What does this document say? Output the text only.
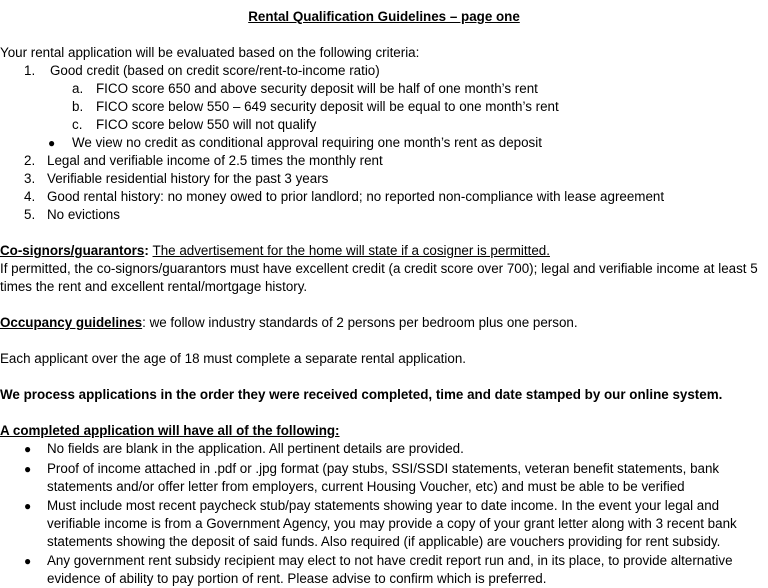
Rental Qualification Guidelines – page one
Your rental application will be evaluated based on the following criteria:
1. Good credit (based on credit score/rent-to-income ratio)
a. FICO score 650 and above security deposit will be half of one month’s rent
b. FICO score below 550 – 649 security deposit will be equal to one month’s rent
c. FICO score below 550 will not qualify
● We view no credit as conditional approval requiring one month’s rent as deposit
2. Legal and verifiable income of 2.5 times the monthly rent
3. Verifiable residential history for the past 3 years
4. Good rental history: no money owed to prior landlord; no reported non-compliance with lease agreement
5. No evictions
Co-signors/guarantors: The advertisement for the home will state if a cosigner is permitted.
If permitted, the co-signors/guarantors must have excellent credit (a credit score over 700); legal and verifiable income at least 5
times the rent and excellent rental/mortgage history.
Occupancy guidelines: we follow industry standards of 2 persons per bedroom plus one person.
Each applicant over the age of 18 must complete a separate rental application.
We process applications in the order they were received completed, time and date stamped by our online system.
A completed application will have all of the following:
● No fields are blank in the application. All pertinent details are provided.
● Proof of income attached in .pdf or .jpg format (pay stubs, SSI/SSDI statements, veteran benefit statements, bank
statements and/or offer letter from employers, current Housing Voucher, etc) and must be able to be verified
● Must include most recent paycheck stub/pay statements showing year to date income. In the event your legal and
verifiable income is from a Government Agency, you may provide a copy of your grant letter along with 3 recent bank
statements showing the deposit of said funds. Also required (if applicable) are vouchers providing for rent subsidy.
● Any government rent subsidy recipient may elect to not have credit report run and, in its place, to provide alternative
evidence of ability to pay portion of rent. Please advise to confirm which is preferred.
